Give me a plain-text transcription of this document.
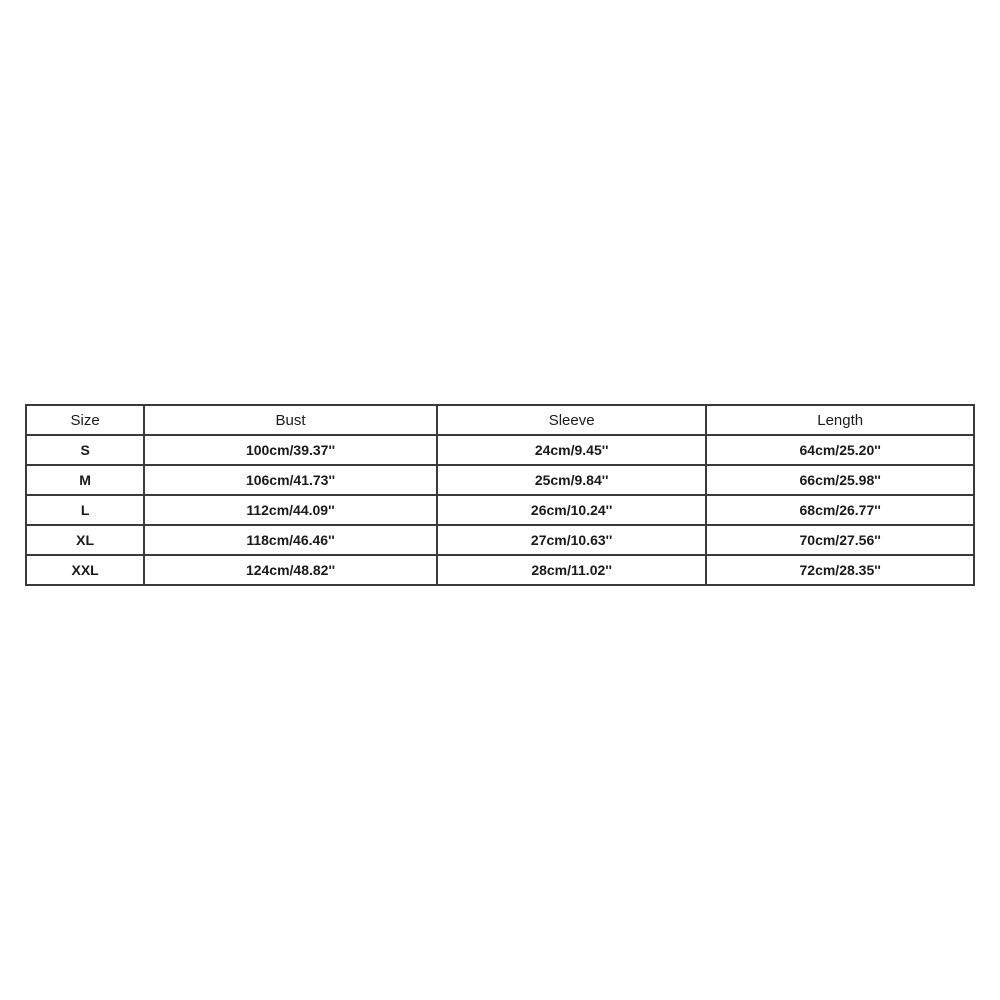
Size	Bust	Sleeve	Length
S	100cm/39.37''	24cm/9.45''	64cm/25.20''
M	106cm/41.73''	25cm/9.84''	66cm/25.98''
L	112cm/44.09''	26cm/10.24''	68cm/26.77''
XL	118cm/46.46''	27cm/10.63''	70cm/27.56''
XXL	124cm/48.82''	28cm/11.02''	72cm/28.35''
